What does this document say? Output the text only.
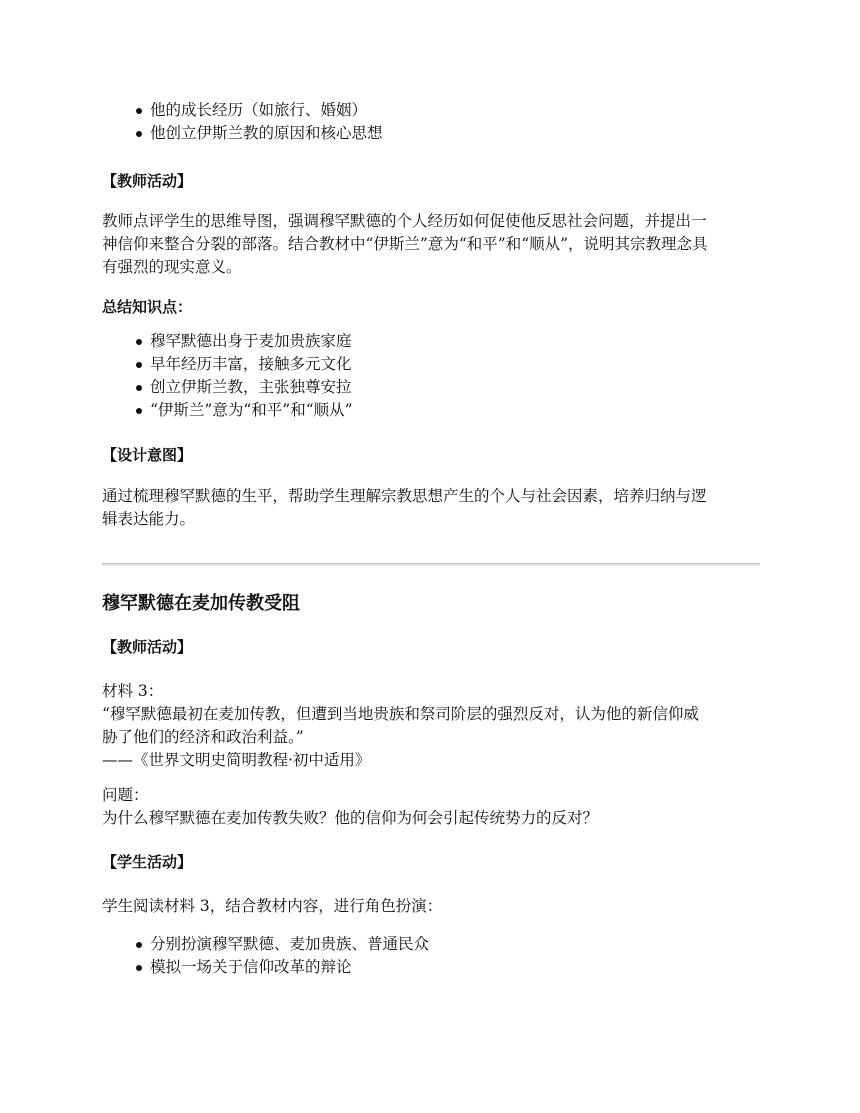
他的成长经历（如旅行、婚姻）
他创立伊斯兰教的原因和核心思想

【教师活动】

教师点评学生的思维导图，强调穆罕默德的个人经历如何促使他反思社会问题，并提出一

神信仰来整合分裂的部落。结合教材中“伊斯兰”意为“和平”和“顺从”，说明其宗教理念具

有强烈的现实意义。

总结知识点：

穆罕默德出身于麦加贵族家庭
早年经历丰富，接触多元文化
创立伊斯兰教，主张独尊安拉
“伊斯兰”意为“和平”和“顺从”

【设计意图】

通过梳理穆罕默德的生平，帮助学生理解宗教思想产生的个人与社会因素，培养归纳与逻

辑表达能力。

穆罕默德在麦加传教受阻

【教师活动】

材料 3：

“穆罕默德最初在麦加传教，但遭到当地贵族和祭司阶层的强烈反对，认为他的新信仰威

胁了他们的经济和政治利益。”

——《世界文明史简明教程·初中适用》

问题：

为什么穆罕默德在麦加传教失败？他的信仰为何会引起传统势力的反对？

【学生活动】

学生阅读材料 3，结合教材内容，进行角色扮演：

分别扮演穆罕默德、麦加贵族、普通民众
模拟一场关于信仰改革的辩论
